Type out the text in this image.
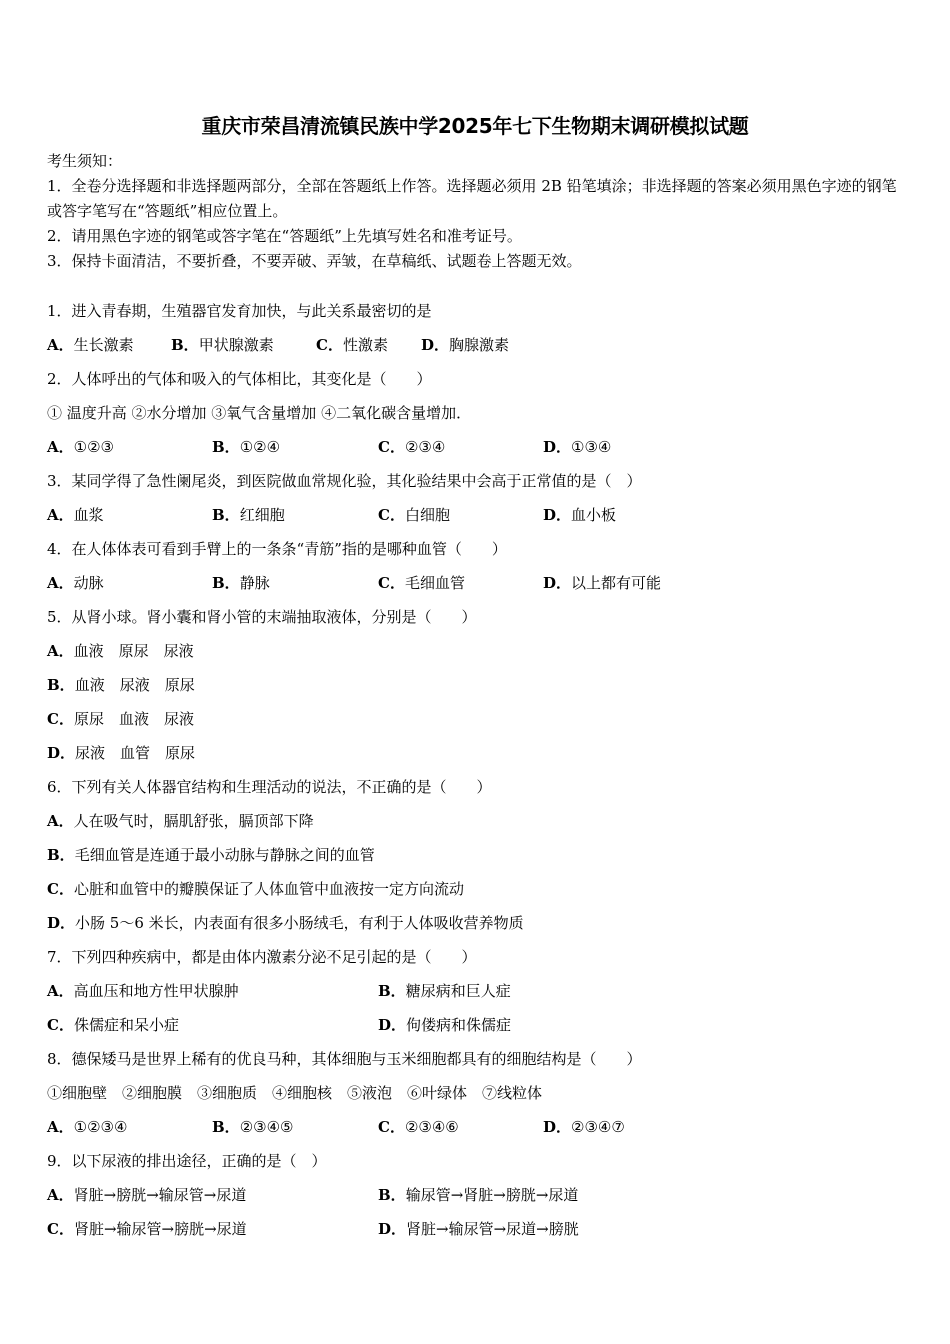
重庆市荣昌清流镇民族中学2025年七下生物期末调研模拟试题
考生须知：
1．全卷分选择题和非选择题两部分，全部在答题纸上作答。选择题必须用 2B 铅笔填涂；非选择题的答案必须用黑色字迹的钢笔或答字笔写在“答题纸”相应位置上。
2．请用黑色字迹的钢笔或答字笔在“答题纸”上先填写姓名和准考证号。
3．保持卡面清洁，不要折叠，不要弄破、弄皱，在草稿纸、试题卷上答题无效。
1．进入青春期，生殖器官发育加快，与此关系最密切的是
A．生长激素 B．甲状腺激素	C．性激素 D．胸腺激素
2．人体呼出的气体和吸入的气体相比，其变化是（　　）
① 温度升高 ②水分增加 ③氧气含量增加 ④二氧化碳含量增加．
A．①②③	B．①②④	C．②③④	D．①③④
3．某同学得了急性阑尾炎，到医院做血常规化验，其化验结果中会高于正常值的是（　）
A．血浆	B．红细胞	C．白细胞	D．血小板
4．在人体体表可看到手臂上的一条条“青筋”指的是哪种血管（　　）
A．动脉	B．静脉	C．毛细血管	D．以上都有可能
5．从肾小球。肾小囊和肾小管的末端抽取液体，分别是（　　）
A．血液　原尿　尿液
B．血液　尿液　原尿
C．原尿　血液　尿液
D．尿液　血管　原尿
6．下列有关人体器官结构和生理活动的说法，不正确的是（　　）
A．人在吸气时，膈肌舒张，膈顶部下降
B．毛细血管是连通于最小动脉与静脉之间的血管
C．心脏和血管中的瓣膜保证了人体血管中血液按一定方向流动
D．小肠 5～6 米长，内表面有很多小肠绒毛，有利于人体吸收营养物质
7．下列四种疾病中，都是由体内激素分泌不足引起的是（　　）
A．高血压和地方性甲状腺肿	B．糖尿病和巨人症
C．侏儒症和呆小症	D．佝偻病和侏儒症
8．德保矮马是世界上稀有的优良马种，其体细胞与玉米细胞都具有的细胞结构是（　　）
①细胞壁　②细胞膜　③细胞质　④细胞核　⑤液泡　⑥叶绿体　⑦线粒体
A．①②③④	B．②③④⑤	C．②③④⑥	D．②③④⑦
9．以下尿液的排出途径，正确的是（　）
A．肾脏→膀胱→输尿管→尿道	B．输尿管→肾脏→膀胱→尿道
C．肾脏→输尿管→膀胱→尿道	D．肾脏→输尿管→尿道→膀胱
